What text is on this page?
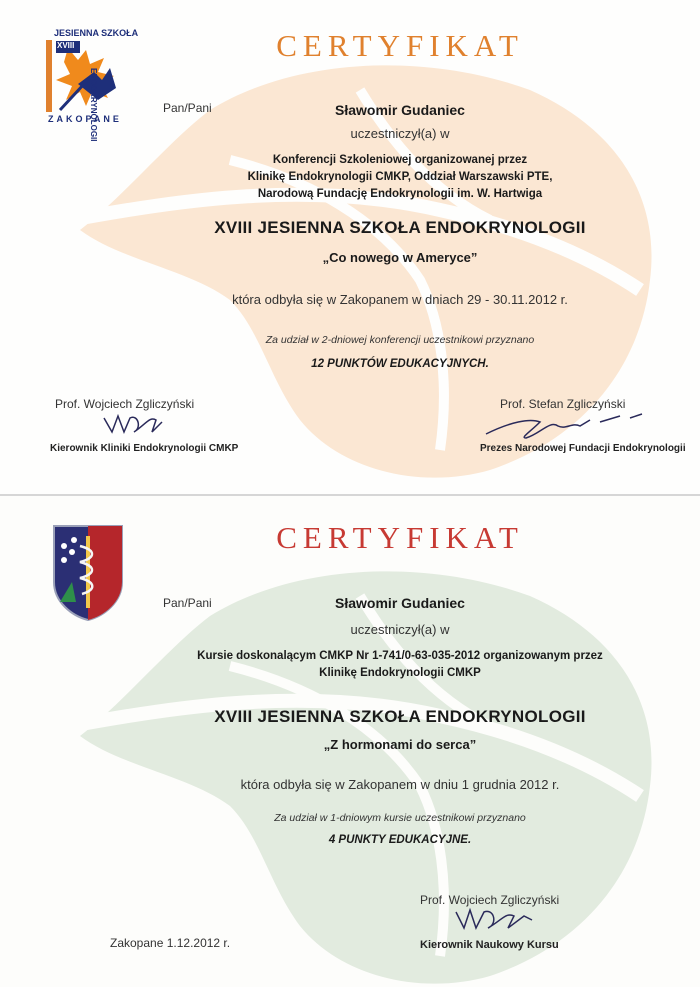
JESIENNA SZKOŁA
XVIII
ENDOKRYNOLOGII
ZAKOPANE
CERTYFIKAT
Pan/Pani	Sławomir Gudaniec
uczestniczył(a) w
Konferencji Szkoleniowej organizowanej przez
Klinikę Endokrynologii CMKP, Oddział Warszawski PTE,
Narodową Fundację Endokrynologii im. W. Hartwiga
XVIII JESIENNA SZKOŁA ENDOKRYNOLOGII
„Co nowego w Ameryce”
która odbyła się w Zakopanem w dniach 29 - 30.11.2012 r.
Za udział w 2-dniowej konferencji uczestnikowi przyznano
12 PUNKTÓW EDUKACYJNYCH.
Prof. Wojciech Zgliczyński
Kierownik Kliniki Endokrynologii CMKP
Prof. Stefan Zgliczyński
Prezes Narodowej Fundacji Endokrynologii
CERTYFIKAT
Pan/Pani	Sławomir Gudaniec
uczestniczył(a) w
Kursie doskonalącym CMKP Nr 1-741/0-63-035-2012 organizowanym przez
Klinikę Endokrynologii CMKP
XVIII JESIENNA SZKOŁA ENDOKRYNOLOGII
„Z hormonami do serca”
która odbyła się w Zakopanem w dniu 1 grudnia 2012 r.
Za udział w 1-dniowym kursie uczestnikowi przyznano
4 PUNKTY EDUKACYJNE.
Zakopane 1.12.2012 r.
Prof. Wojciech Zgliczyński
Kierownik Naukowy Kursu
